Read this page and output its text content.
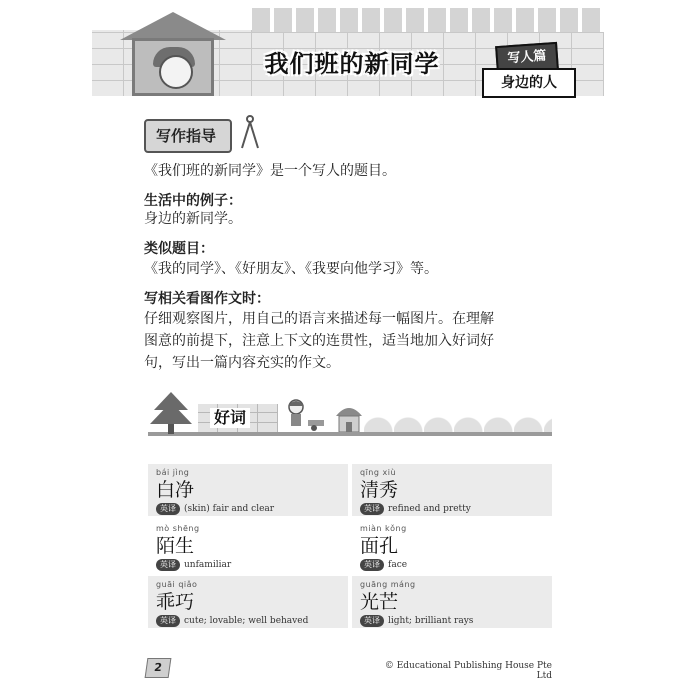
我们班的新同学	写人篇
身边的人
写作指导
《我们班的新同学》是一个写人的题目。
生活中的例子：
身边的新同学。
类似题目：
《我的同学》、《好朋友》、《我要向他学习》等。
写相关看图作文时：
仔细观察图片，用自己的语言来描述每一幅图片。在理解
图意的前提下，注意上下文的连贯性，适当地加入好词好
句，写出一篇内容充实的作文。
好词
bái jìng
白净
英译 (skin) fair and clear
qīng xiù
清秀
英译 refined and pretty
mò shēng
陌生
英译 unfamiliar
miàn kǒng
面孔
英译 face
guāi qiǎo
乖巧
英译 cute; lovable; well behaved
guāng máng
光芒
英译 light; brilliant rays
2	© Educational Publishing House Pte Ltd
